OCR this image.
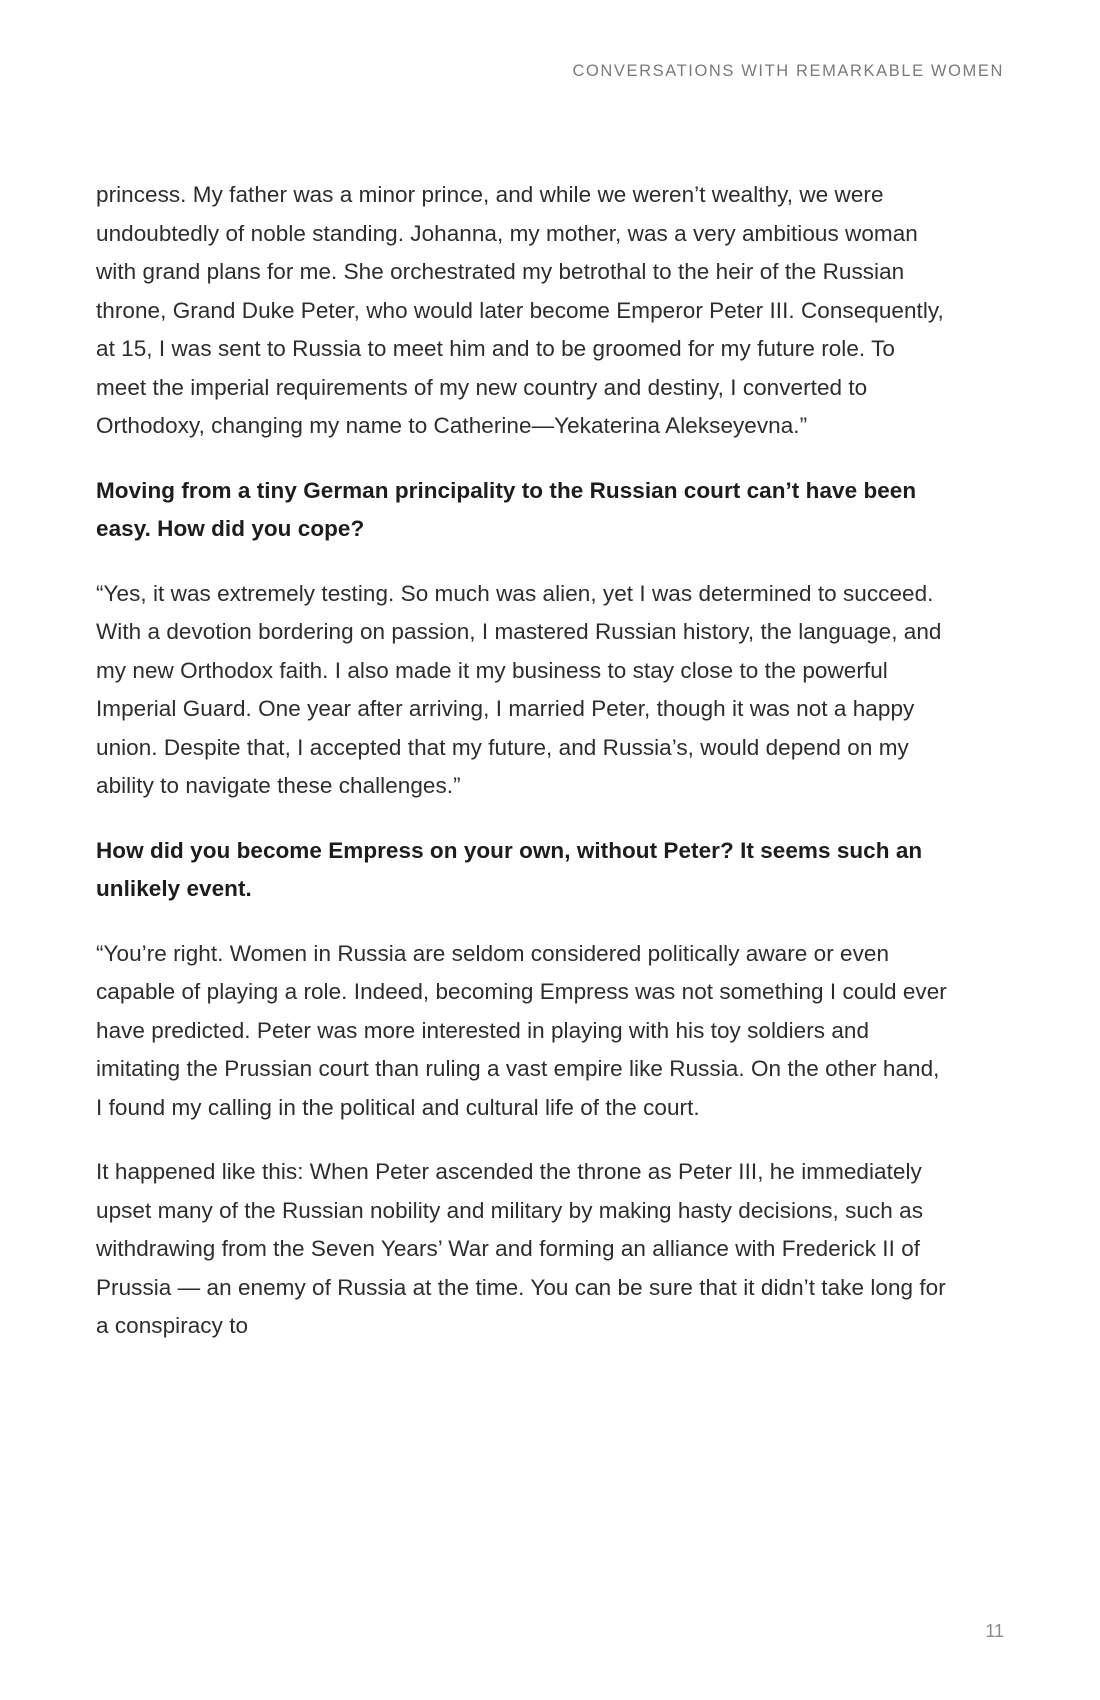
CONVERSATIONS WITH REMARKABLE WOMEN

princess. My father was a minor prince, and while we weren’t wealthy, we were undoubtedly of noble standing. Johanna, my mother, was a very ambitious woman with grand plans for me. She orchestrated my betrothal to the heir of the Russian throne, Grand Duke Peter, who would later become Emperor Peter III. Consequently, at 15, I was sent to Russia to meet him and to be groomed for my future role. To meet the imperial requirements of my new country and destiny, I converted to Orthodoxy, changing my name to Catherine—Yekaterina Alekseyevna.”

Moving from a tiny German principality to the Russian court can’t have been easy. How did you cope?

“Yes, it was extremely testing. So much was alien, yet I was determined to succeed. With a devotion bordering on passion, I mastered Russian history, the language, and my new Orthodox faith. I also made it my business to stay close to the powerful Imperial Guard. One year after arriving, I married Peter, though it was not a happy union. Despite that, I accepted that my future, and Russia’s, would depend on my ability to navigate these challenges.”

How did you become Empress on your own, without Peter? It seems such an unlikely event.

“You’re right. Women in Russia are seldom considered politically aware or even capable of playing a role. Indeed, becoming Empress was not something I could ever have predicted. Peter was more interested in playing with his toy soldiers and imitating the Prussian court than ruling a vast empire like Russia. On the other hand, I found my calling in the political and cultural life of the court.

It happened like this: When Peter ascended the throne as Peter III, he immediately upset many of the Russian nobility and military by making hasty decisions, such as withdrawing from the Seven Years’ War and forming an alliance with Frederick II of Prussia — an enemy of Russia at the time. You can be sure that it didn’t take long for a conspiracy to

11
